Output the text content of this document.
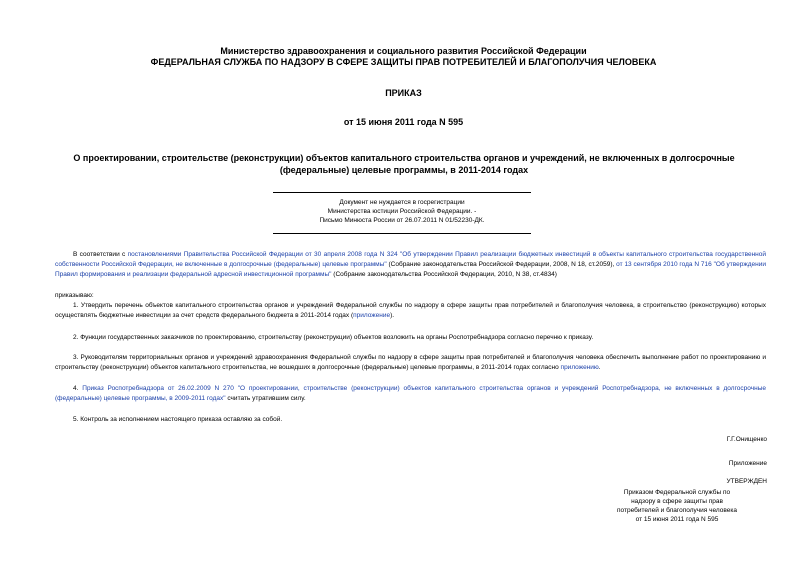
Министерство здравоохранения и социального развития Российской Федерации
ФЕДЕРАЛЬНАЯ СЛУЖБА ПО НАДЗОРУ В СФЕРЕ ЗАЩИТЫ ПРАВ ПОТРЕБИТЕЛЕЙ И БЛАГОПОЛУЧИЯ ЧЕЛОВЕКА
ПРИКАЗ
от 15 июня 2011 года N 595
О проектировании, строительстве (реконструкции) объектов капитального строительства органов и учреждений, не включенных в долгосрочные (федеральные) целевые программы, в 2011-2014 годах
Документ не нуждается в госрегистрации
Министерства юстиции Российской Федерации. -
Письмо Минюста России от 26.07.2011 N 01/52230-ДК.
В соответствии с постановлениями Правительства Российской Федерации от 30 апреля 2008 года N 324 "Об утверждении Правил реализации бюджетных инвестиций в объекты капитального строительства государственной собственности Российской Федерации, не включенные в долгосрочные (федеральные) целевые программы" (Собрание законодательства Российской Федерации, 2008, N 18, ст.2059), от 13 сентября 2010 года N 716 "Об утверждении Правил формирования и реализации федеральной адресной инвестиционной программы" (Собрание законодательства Российской Федерации, 2010, N 38, ст.4834)
приказываю:
1. Утвердить перечень объектов капитального строительства органов и учреждений Федеральной службы по надзору в сфере защиты прав потребителей и благополучия человека, в строительство (реконструкцию) которых осуществлять бюджетные инвестиции за счет средств федерального бюджета в 2011-2014 годах (приложение).
2. Функции государственных заказчиков по проектированию, строительству (реконструкции) объектов возложить на органы Роспотребнадзора согласно перечню к приказу.
3. Руководителям территориальных органов и учреждений здравоохранения Федеральной службы по надзору в сфере защиты прав потребителей и благополучия человека обеспечить выполнение работ по проектированию и строительству (реконструкции) объектов капитального строительства, не вошедших в долгосрочные (федеральные) целевые программы, в 2011-2014 годах согласно приложению.
4. Приказ Роспотребнадзора от 26.02.2009 N 270 "О проектировании, строительстве (реконструкции) объектов капитального строительства органов и учреждений Роспотребнадзора, не включенных в долгосрочные (федеральные) целевые программы, в 2009-2011 годах" считать утратившим силу.
5. Контроль за исполнением настоящего приказа оставляю за собой.
Г.Г.Онищенко
Приложение
УТВЕРЖДЕН
Приказом Федеральной службы по
надзору в сфере защиты прав
потребителей и благополучия человека
от 15 июня 2011 года N 595
